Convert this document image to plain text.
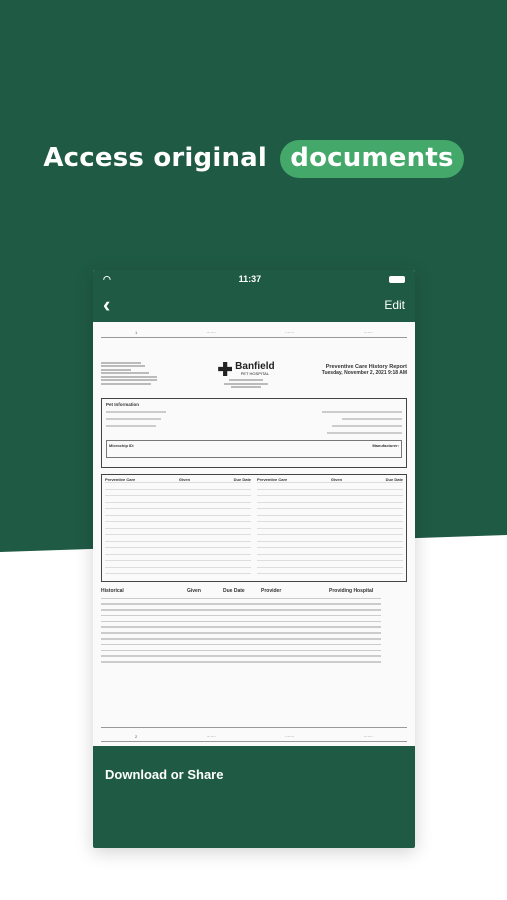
Access original documents
◠	11:37
‹	Edit
1	·······	·······	·······
Banfield
PET HOSPITAL
Preventive Care History Report
Tuesday, November 2, 2021 9:18 AM
Pet Information
Microchip ID:	Manufacturer:
Preventive Care	Given	Due Date Preventive Care	Given	Due Date
Historical	Given	Due Date	Provider	Providing Hospital
2	·······	·······	·······
Download or Share
